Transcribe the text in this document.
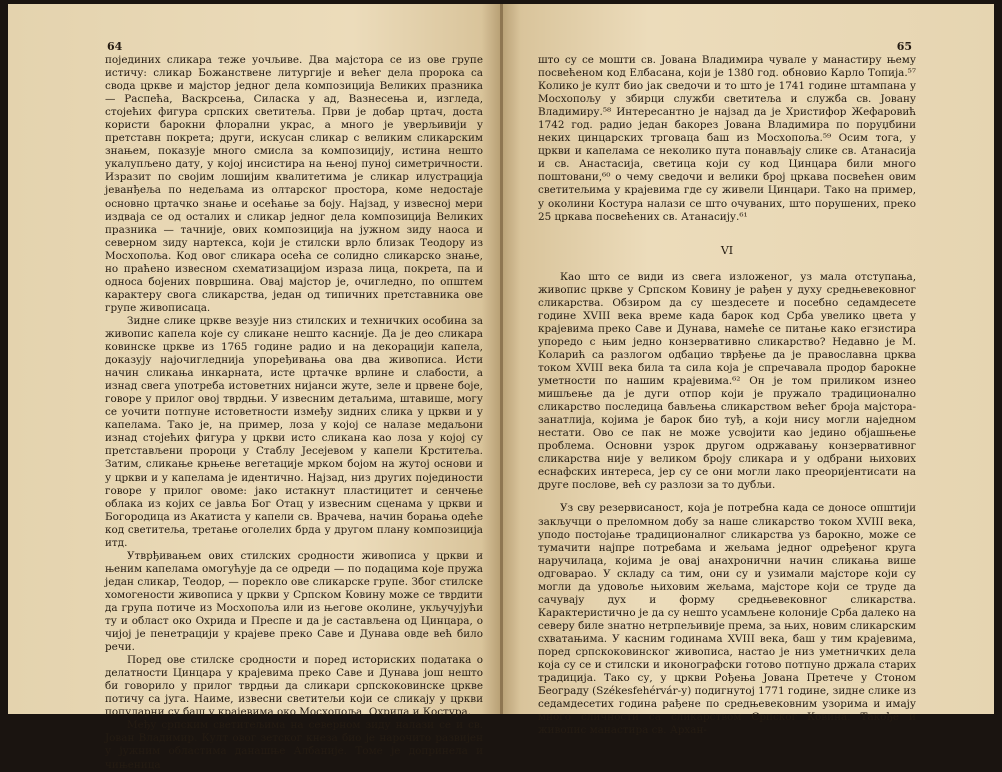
64

појединих сликара теже уочљиве. Два мајстора се из ове групе истичу: сликар Божанствене литургије и већег дела пророка са свода цркве и мајстор једног дела композиција Великих празника — Распећа, Васкрсења, Силаска у ад, Вазнесења и, изгледа, стојећих фигура српских светитеља. Први је добар цртач, доста користи барокни флорални украс, а много је уверљивији у претставн покрета; други, искусан сликар с великим сликарским знањем, показује много смисла за композицију, истина нешто укалупљено дату, у којој инсистира на њеној пуној симетричности. Изразит по својим лошијим квалитетима је сликар илустрација јеванђеља по недељама из олтарског простора, коме недостаје основно цртачко знање и осећање за боју. Најзад, у извесној мери издваја се од осталих и сликар једног дела композиција Великих празника — тачније, ових композиција на јужном зиду наоса и северном зиду нартекса, који је стилски врло близак Теодору из Мосхопоља. Код овог сликара осећа се солидно сликарско знање, но праћено извесном схематизацијом израза лица, покрета, па и односа бојених површина. Овај мајстор је, очигледно, по општем карактеру свога сликарства, један од типичних претставника ове групе живописаца.

Зидне слике цркве везује низ стилских и техничких особина за живопис капела које су сликане нешто касније. Да је део сликара ковинске цркве из 1765 године радио и на декорацији капела, доказују најочигледнија упоређивања ова два живописа. Исти начин сликања инкарната, исте цртачке врлине и слабости, а изнад свега употреба истоветних нијанси жуте, зеле и црвене боје, говоре у прилог овој тврдњи. У извесним детаљима, штавише, могу се уочити потпуне истоветности између зидних слика у цркви и у капелама. Тако је, на пример, лоза у којој се налазе медаљони изнад стојећих фигура у цркви исто сликана као лоза у којој су претстављени пророци у Стаблу Јесејевом у капели Крститеља. Затим, сликање крњење вегетације мрком бојом на жутој основи и у цркви и у капелама је идентично. Најзад, низ других појединости говоре у прилог овоме: јако истакнут пластицитет и сенчење облака из којих се јавља Бог Отац у извесним сценама у цркви и Богородица из Акатиста у капели св. Врачева, начин борања одеће код светитеља, третање оголелих брда у другом плану композиција итд.

Утврђивањем ових стилских сродности живописа у цркви и њеним капелама омогућује да се одреди — по подацима које пружа један сликар, Теодор, — порекло ове сликарске групе. Због стилске хомогености живописа у цркви у Српском Ковину може се тврдити да група потиче из Мосхопоља или из његове околине, укључујући ту и област око Охрида и Преспе и да је састављена од Цинцара, о чијој је пенетрацији у крајеве преко Саве и Дунава овде већ било речи.

Поред ове стилске сродности и поред историских података о делатности Цинцара у крајевима преко Саве и Дунава још нешто би говорило у прилог тврдњи да сликари српскоковинске цркве потичу са југа. Наиме, извесни светитељи који се сликају у цркви популарни су баш у крајевима око Мосхопоља, Охрида и Костура.

Међу српским светитељима на северном зиду налази се и св. Јован Владимир. Култ овог зетског кнеза био је нарочито развијен у јужним областима данашње Албаније. Томе је допринела и чињеница

65

што су се мошти св. Јована Владимира чувале у манастиру њему посвећеном код Елбасана, који је 1380 год. обновио Карло Топија.⁵⁷ Колико је култ био јак сведочи и то што је 1741 године штампана у Мосхопољу у збирци служби светитеља и служба св. Јовану Владимиру.⁵⁸ Интересантно је најзад да је Христифор Жефаровић 1742 год. радио један бакорез Јована Владимира по поруџбини неких цинцарских трговаца баш из Мосхопоља.⁵⁹ Осим тога, у цркви и капелама се неколико пута понављају слике св. Атанасија и св. Анастасија, светица који су код Цинцара били много поштовани,⁶⁰ о чему сведочи и велики број цркава посвећен овим светитељима у крајевима где су живели Цинцари. Тако на пример, у околини Костура налази се што очуваних, што порушених, преко 25 цркава посвећених св. Атанасију.⁶¹

VI

Као што се види из свега изложеног, уз мала отступања, живопис цркве у Српском Ковину је рађен у духу средњевековног сликарства. Обзиром да су шездесете и посебно седамдесете године XVIII века време када барок код Срба увелико цвета у крајевима преко Саве и Дунава, намеће се питање како егзистира упоредо с њим једно конзервативно сликарство? Недавно је М. Коларић са разлогом одбацио тврђење да је православна црква током XVIII века била та сила која је спречавала продор барокне уметности по нашим крајевима.⁶² Он је том приликом изнео мишљење да је дуги отпор који је пружало традиционално сликарство последица бављења сликарством већег броја мајстора-занатлија, којима је барок био туђ, а који нису могли наједном нестати. Ово се пак не може усвојити као једино објашњење проблема. Основни узрок другом одржавању конзервативног сликарства није у великом броју сликара и у одбрани њихових еснафских интереса, јер су се они могли лако преоријентисати на друге послове, већ су разлози за то дубљи.

Уз сву резервисаност, која је потребна када се доносе општији закључци о преломном добу за наше сликарство током XVIII века, уподо постојање традиционалног сликарства уз барокно, може се тумачити најпре потребама и жељама једног одређеног круга наручилаца, којима је овај анахронични начин сликања више одговарао. У складу са тим, они су и узимали мајсторе који су могли да удовоље њиховим жељама, мајсторе који се труде да сачувају дух и форму средњевековног сликарства. Карактеристично је да су нешто усамљене колоније Срба далеко на северу биле знатно нетрпељивије према, за њих, новим сликарским схватањима. У касним годинама XVIII века, баш у тим крајевима, поред српскоковинског живописа, настао је низ уметничких дела која су се и стилски и иконографски готово потпуно држала старих традиција. Тако су, у цркви Рођења Јована Претече у Стоном Београду (Székesfehérvár-у) подигнутој 1771 године, зидне слике из седамдесетих година рађене по средњевековним узорима и имају много сличности са сликарством Српског Ковина. Такође и живопис манастира св. Архан-
